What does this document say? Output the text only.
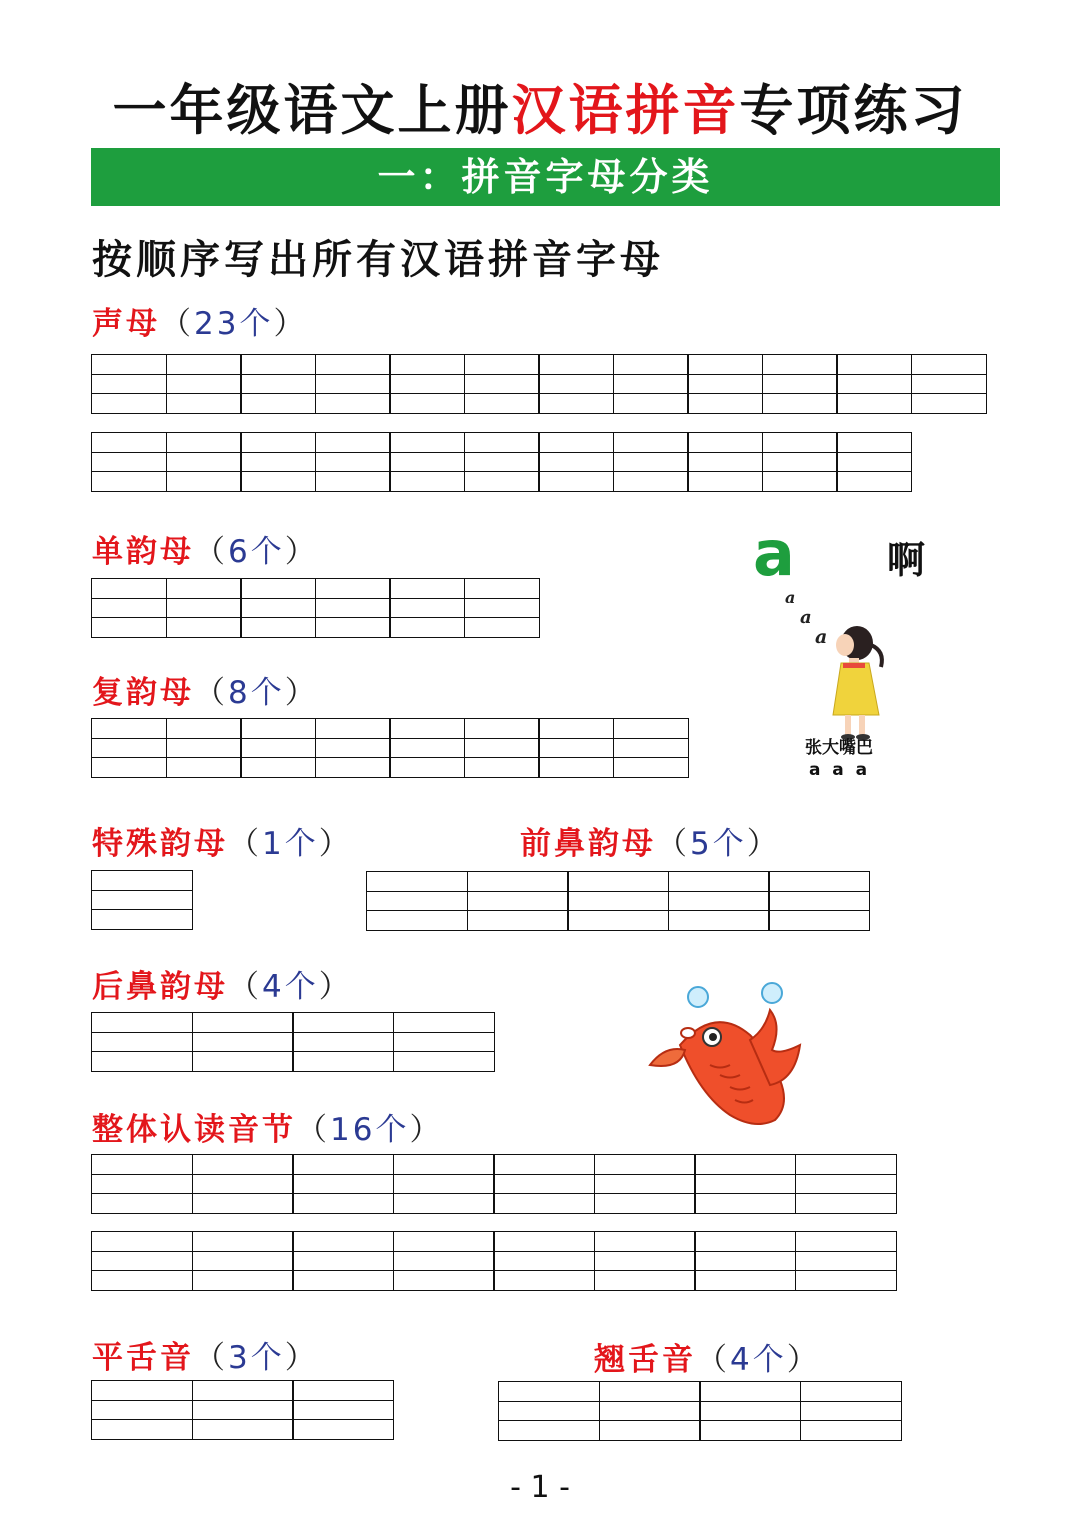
一年级语文上册汉语拼音专项练习
一：拼音字母分类
按顺序写出所有汉语拼音字母
声母（23个）
单韵母（6个）	a 啊
a
a
a
张大嘴巴
a  a  a
复韵母（8个）
特殊韵母（1个）	前鼻韵母（5个）
后鼻韵母（4个）
整体认读音节（16个）
平舌音（3个）	翘舌音（4个）
- 1 -
